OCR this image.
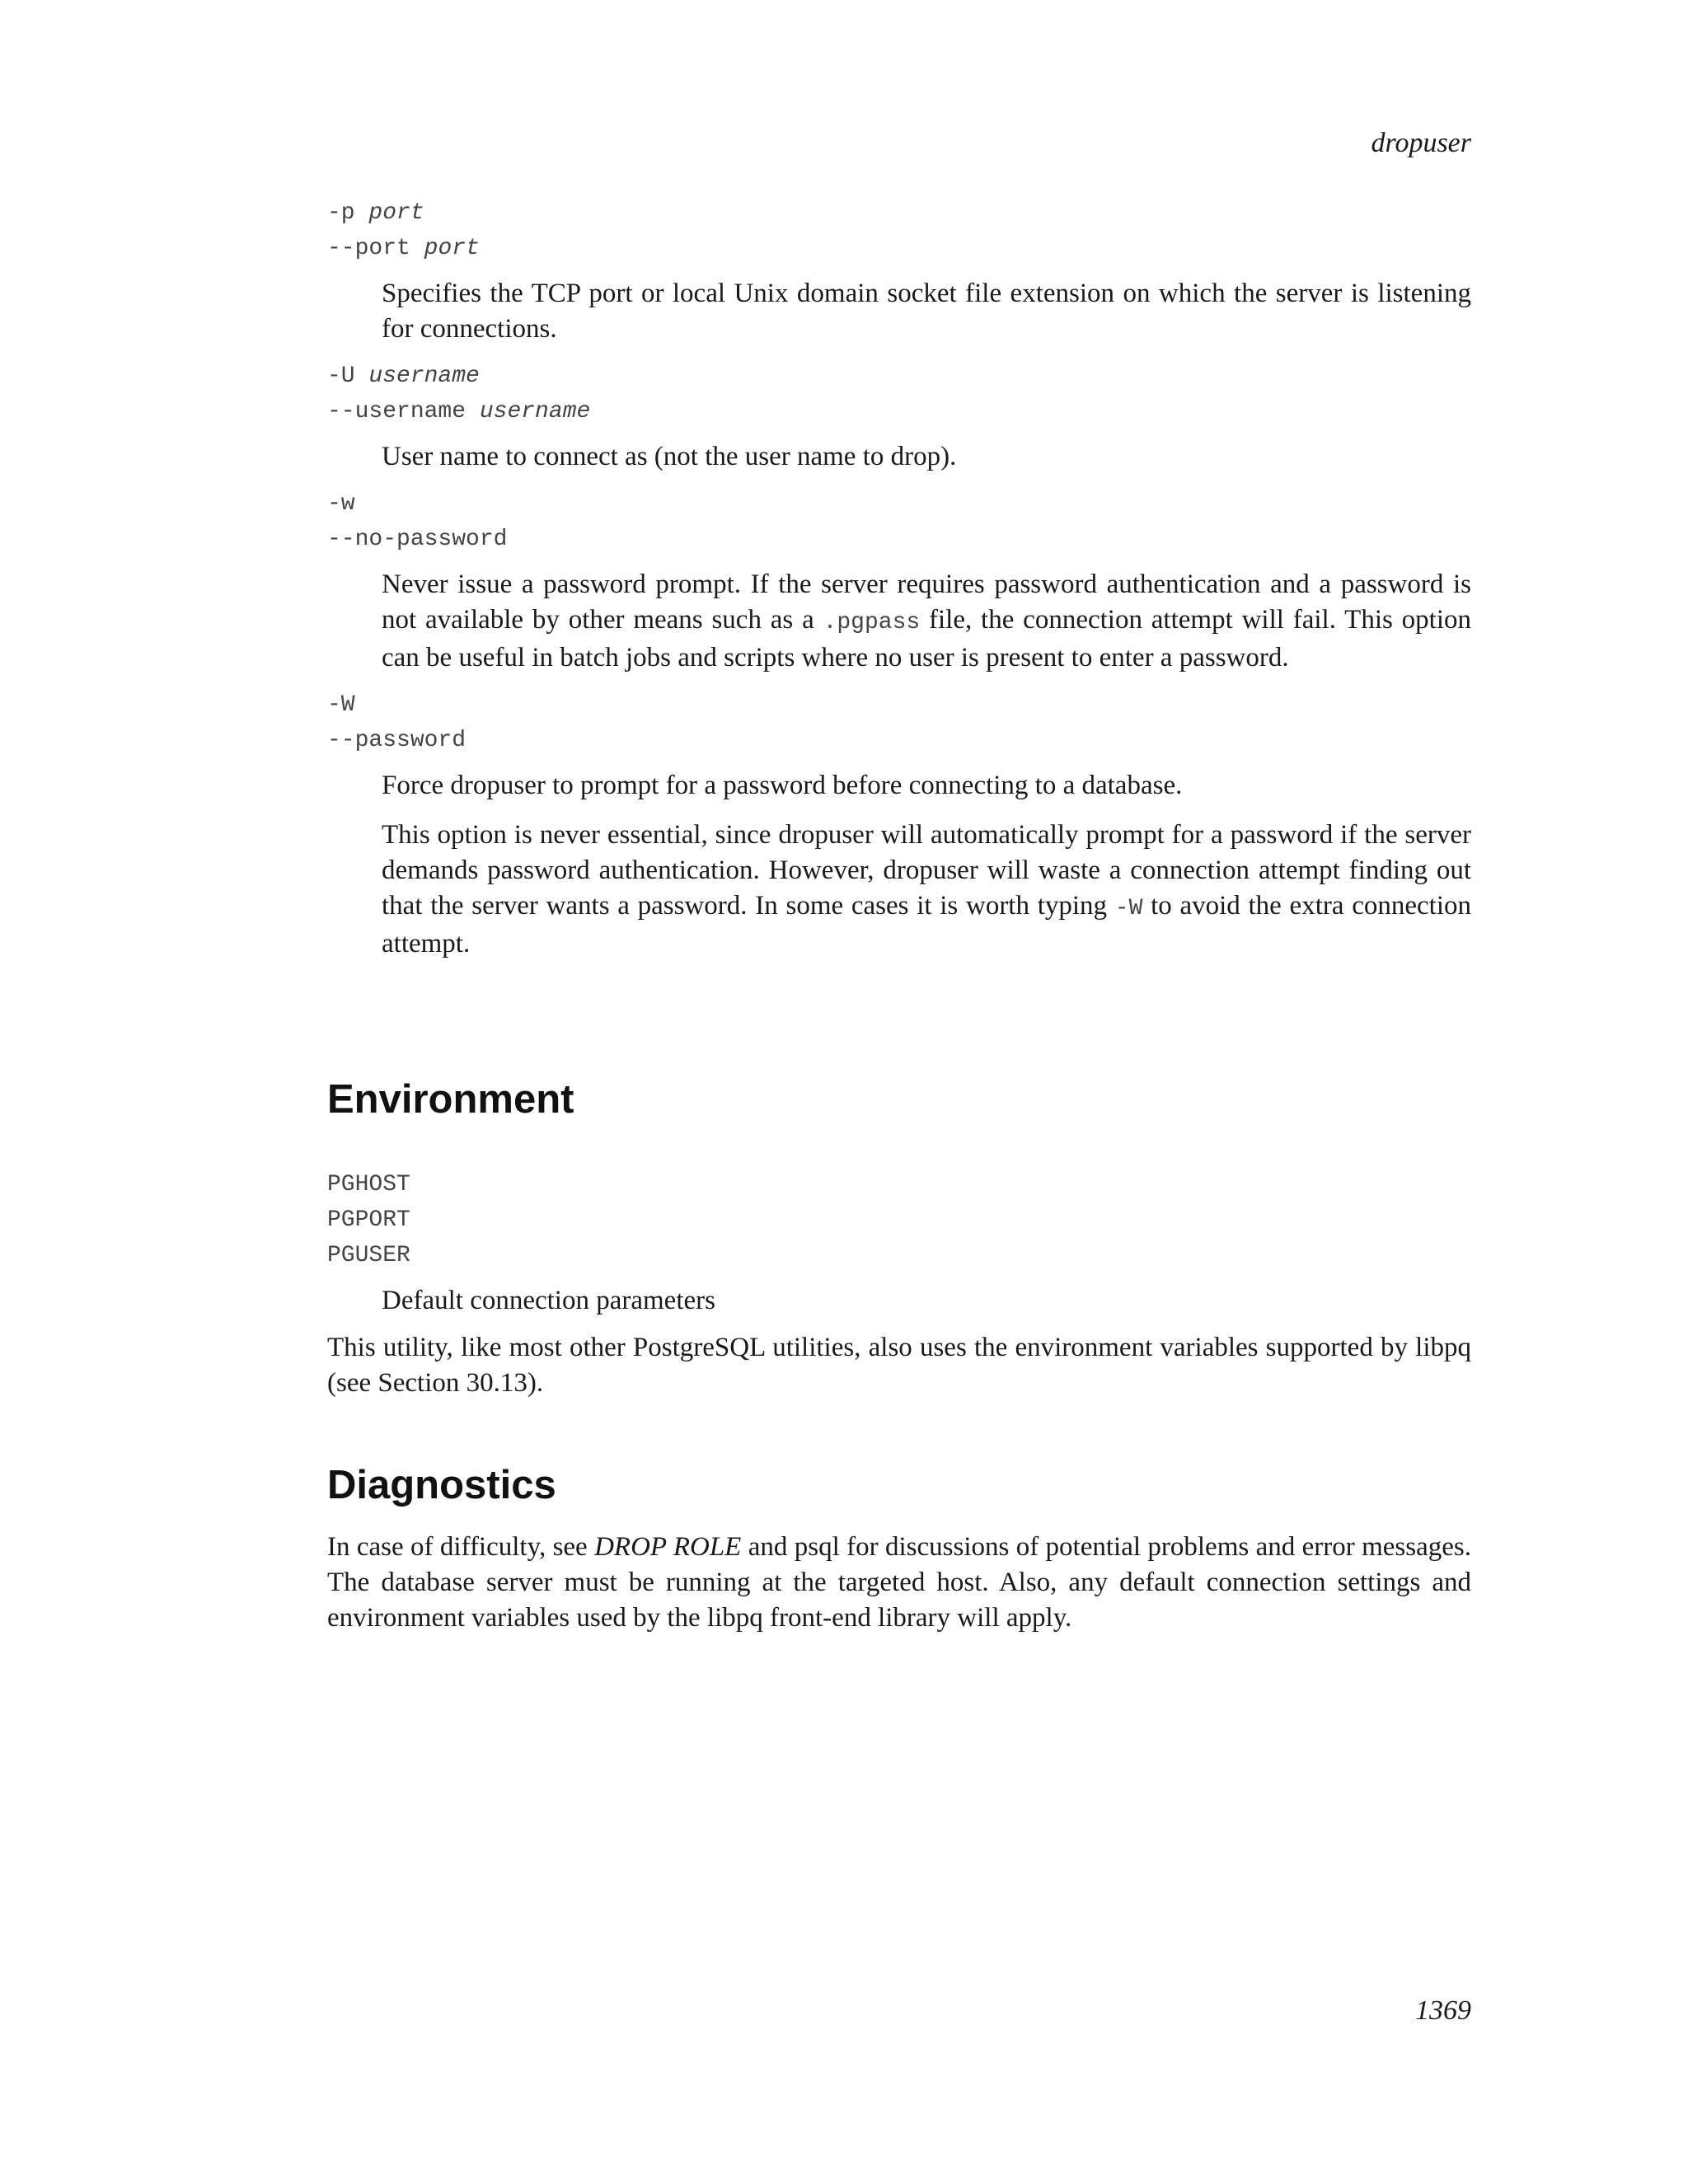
dropuser
-p port
--port port

Specifies the TCP port or local Unix domain socket file extension on which the server is listening for connections.

-U username
--username username

User name to connect as (not the user name to drop).

-w
--no-password

Never issue a password prompt. If the server requires password authentication and a password is not available by other means such as a .pgpass file, the connection attempt will fail. This option can be useful in batch jobs and scripts where no user is present to enter a password.

-W
--password

Force dropuser to prompt for a password before connecting to a database.

This option is never essential, since dropuser will automatically prompt for a password if the server demands password authentication. However, dropuser will waste a connection attempt finding out that the server wants a password. In some cases it is worth typing -W to avoid the extra connection attempt.

Environment
PGHOST
PGPORT
PGUSER

Default connection parameters

This utility, like most other PostgreSQL utilities, also uses the environment variables supported by libpq (see Section 30.13).

Diagnostics

In case of difficulty, see DROP ROLE and psql for discussions of potential problems and error messages. The database server must be running at the targeted host. Also, any default connection settings and environment variables used by the libpq front-end library will apply.

1369
